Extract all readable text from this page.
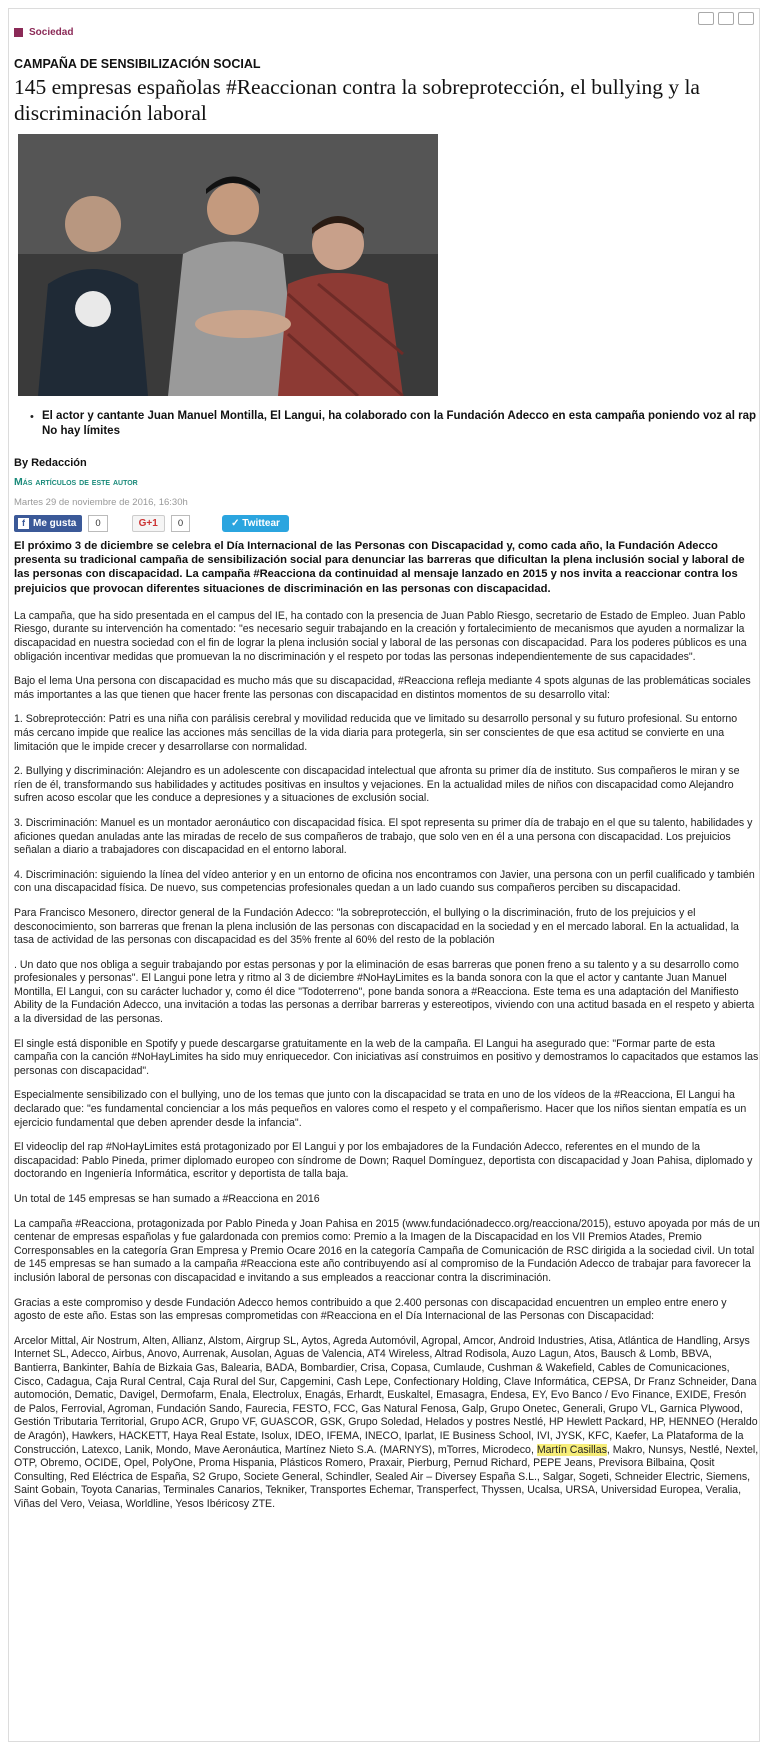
Sociedad
CAMPAÑA DE SENSIBILIZACIÓN SOCIAL
145 empresas españolas #Reaccionan contra la sobreprotección, el bullying y la discriminación laboral
• El actor y cantante Juan Manuel Montilla, El Langui, ha colaborado con la Fundación Adecco en esta campaña poniendo voz al rap No hay límites
By Redacción
Más artículos de este autor
Martes 29 de noviembre de 2016, 16:30h
f Me gusta	0	G+1	0	✓ Twittear

El próximo 3 de diciembre se celebra el Día Internacional de las Personas con Discapacidad y, como cada año, la Fundación Adecco presenta su tradicional campaña de sensibilización social para denunciar las barreras que dificultan la plena inclusión social y laboral de las personas con discapacidad. La campaña #Reacciona da continuidad al mensaje lanzado en 2015 y nos invita a reaccionar contra los prejuicios que provocan diferentes situaciones de discriminación en las personas con discapacidad.

La campaña, que ha sido presentada en el campus del IE, ha contado con la presencia de Juan Pablo Riesgo, secretario de Estado de Empleo. Juan Pablo Riesgo, durante su intervención ha comentado: "es necesario seguir trabajando en la creación y fortalecimiento de mecanismos que ayuden a normalizar la discapacidad en nuestra sociedad con el fin de lograr la plena inclusión social y laboral de las personas con discapacidad. Para los poderes públicos es una obligación incentivar medidas que promuevan la no discriminación y el respeto por todas las personas independientemente de sus capacidades".

Bajo el lema Una persona con discapacidad es mucho más que su discapacidad, #Reacciona refleja mediante 4 spots algunas de las problemáticas sociales más importantes a las que tienen que hacer frente las personas con discapacidad en distintos momentos de su desarrollo vital:

1. Sobreprotección: Patri es una niña con parálisis cerebral y movilidad reducida que ve limitado su desarrollo personal y su futuro profesional. Su entorno más cercano impide que realice las acciones más sencillas de la vida diaria para protegerla, sin ser conscientes de que esa actitud se convierte en una limitación que le impide crecer y desarrollarse con normalidad.

2. Bullying y discriminación: Alejandro es un adolescente con discapacidad intelectual que afronta su primer día de instituto. Sus compañeros le miran y se ríen de él, transformando sus habilidades y actitudes positivas en insultos y vejaciones. En la actualidad miles de niños con discapacidad como Alejandro sufren acoso escolar que les conduce a depresiones y a situaciones de exclusión social.

3. Discriminación: Manuel es un montador aeronáutico con discapacidad física. El spot representa su primer día de trabajo en el que su talento, habilidades y aficiones quedan anuladas ante las miradas de recelo de sus compañeros de trabajo, que solo ven en él a una persona con discapacidad. Los prejuicios señalan a diario a trabajadores con discapacidad en el entorno laboral.

4. Discriminación: siguiendo la línea del vídeo anterior y en un entorno de oficina nos encontramos con Javier, una persona con un perfil cualificado y también con una discapacidad física. De nuevo, sus competencias profesionales quedan a un lado cuando sus compañeros perciben su discapacidad.

Para Francisco Mesonero, director general de la Fundación Adecco: "la sobreprotección, el bullying o la discriminación, fruto de los prejuicios y el desconocimiento, son barreras que frenan la plena inclusión de las personas con discapacidad en la sociedad y en el mercado laboral. En la actualidad, la tasa de actividad de las personas con discapacidad es del 35% frente al 60% del resto de la población

. Un dato que nos obliga a seguir trabajando por estas personas y por la eliminación de esas barreras que ponen freno a su talento y a su desarrollo como profesionales y personas". El Langui pone letra y ritmo al 3 de diciembre #NoHayLimites es la banda sonora con la que el actor y cantante Juan Manuel Montilla, El Langui, con su carácter luchador y, como él dice "Todoterreno", pone banda sonora a #Reacciona. Este tema es una adaptación del Manifiesto Ability de la Fundación Adecco, una invitación a todas las personas a derribar barreras y estereotipos, viviendo con una actitud basada en el respeto y abierta a la diversidad de las personas.

El single está disponible en Spotify y puede descargarse gratuitamente en la web de la campaña. El Langui ha asegurado que: "Formar parte de esta campaña con la canción #NoHayLimites ha sido muy enriquecedor. Con iniciativas así construimos en positivo y demostramos lo capacitados que estamos las personas con discapacidad".

Especialmente sensibilizado con el bullying, uno de los temas que junto con la discapacidad se trata en uno de los vídeos de la #Reacciona, El Langui ha declarado que: "es fundamental concienciar a los más pequeños en valores como el respeto y el compañerismo. Hacer que los niños sientan empatía es un ejercicio fundamental que deben aprender desde la infancia".

El videoclip del rap #NoHayLimites está protagonizado por El Langui y por los embajadores de la Fundación Adecco, referentes en el mundo de la discapacidad: Pablo Pineda, primer diplomado europeo con síndrome de Down; Raquel Domínguez, deportista con discapacidad y Joan Pahisa, diplomado y doctorando en Ingeniería Informática, escritor y deportista de talla baja.

Un total de 145 empresas se han sumado a #Reacciona en 2016

La campaña #Reacciona, protagonizada por Pablo Pineda y Joan Pahisa en 2015 (www.fundaciónadecco.org/reacciona/2015), estuvo apoyada por más de un centenar de empresas españolas y fue galardonada con premios como: Premio a la Imagen de la Discapacidad en los VII Premios Atades, Premio Corresponsables en la categoría Gran Empresa y Premio Ocare 2016 en la categoría Campaña de Comunicación de RSC dirigida a la sociedad civil. Un total de 145 empresas se han sumado a la campaña #Reacciona este año contribuyendo así al compromiso de la Fundación Adecco de trabajar para favorecer la inclusión laboral de personas con discapacidad e invitando a sus empleados a reaccionar contra la discriminación.

Gracias a este compromiso y desde Fundación Adecco hemos contribuido a que 2.400 personas con discapacidad encuentren un empleo entre enero y agosto de este año. Estas son las empresas comprometidas con #Reacciona en el Día Internacional de las Personas con Discapacidad:

Arcelor Mittal, Air Nostrum, Alten, Allianz, Alstom, Airgrup SL, Aytos, Agreda Automóvil, Agropal, Amcor, Android Industries, Atisa, Atlántica de Handling, Arsys Internet SL, Adecco, Airbus, Anovo, Aurrenak, Ausolan, Aguas de Valencia, AT4 Wireless, Altrad Rodisola, Auzo Lagun, Atos, Bausch & Lomb, BBVA, Bantierra, Bankinter, Bahía de Bizkaia Gas, Balearia, BADA, Bombardier, Crisa, Copasa, Cumlaude, Cushman & Wakefield, Cables de Comunicaciones, Cisco, Cadagua, Caja Rural Central, Caja Rural del Sur, Capgemini, Cash Lepe, Confectionary Holding, Clave Informática, CEPSA, Dr Franz Schneider, Dana automoción, Dematic, Davigel, Dermofarm, Enala, Electrolux, Enagás, Erhardt, Euskaltel, Emasagra, Endesa, EY, Evo Banco / Evo Finance, EXIDE, Fresón de Palos, Ferrovial, Agroman, Fundación Sando, Faurecia, FESTO, FCC, Gas Natural Fenosa, Galp, Grupo Onetec, Generali, Grupo VL, Garnica Plywood, Gestión Tributaria Territorial, Grupo ACR, Grupo VF, GUASCOR, GSK, Grupo Soledad, Helados y postres Nestlé, HP Hewlett Packard, HP, HENNEO (Heraldo de Aragón), Hawkers, HACKETT, Haya Real Estate, Isolux, IDEO, IFEMA, INECO, Iparlat, IE Business School, IVI, JYSK, KFC, Kaefer, La Plataforma de la Construcción, Latexco, Lanik, Mondo, Mave Aeronáutica, Martínez Nieto S.A. (MARNYS), mTorres, Microdeco, Martín Casillas, Makro, Nunsys, Nestlé, Nextel, OTP, Obremo, OCIDE, Opel, PolyOne, Proma Hispania, Plásticos Romero, Praxair, Pierburg, Pernud Richard, PEPE Jeans, Previsora Bilbaina, Qosit Consulting, Red Eléctrica de España, S2 Grupo, Societe General, Schindler, Sealed Air – Diversey España S.L., Salgar, Sogeti, Schneider Electric, Siemens, Saint Gobain, Toyota Canarias, Terminales Canarios, Tekniker, Transportes Echemar, Transperfect, Thyssen, Ucalsa, URSA, Universidad Europea, Veralia, Viñas del Vero, Veiasa, Worldline, Yesos Ibéricosy ZTE.
